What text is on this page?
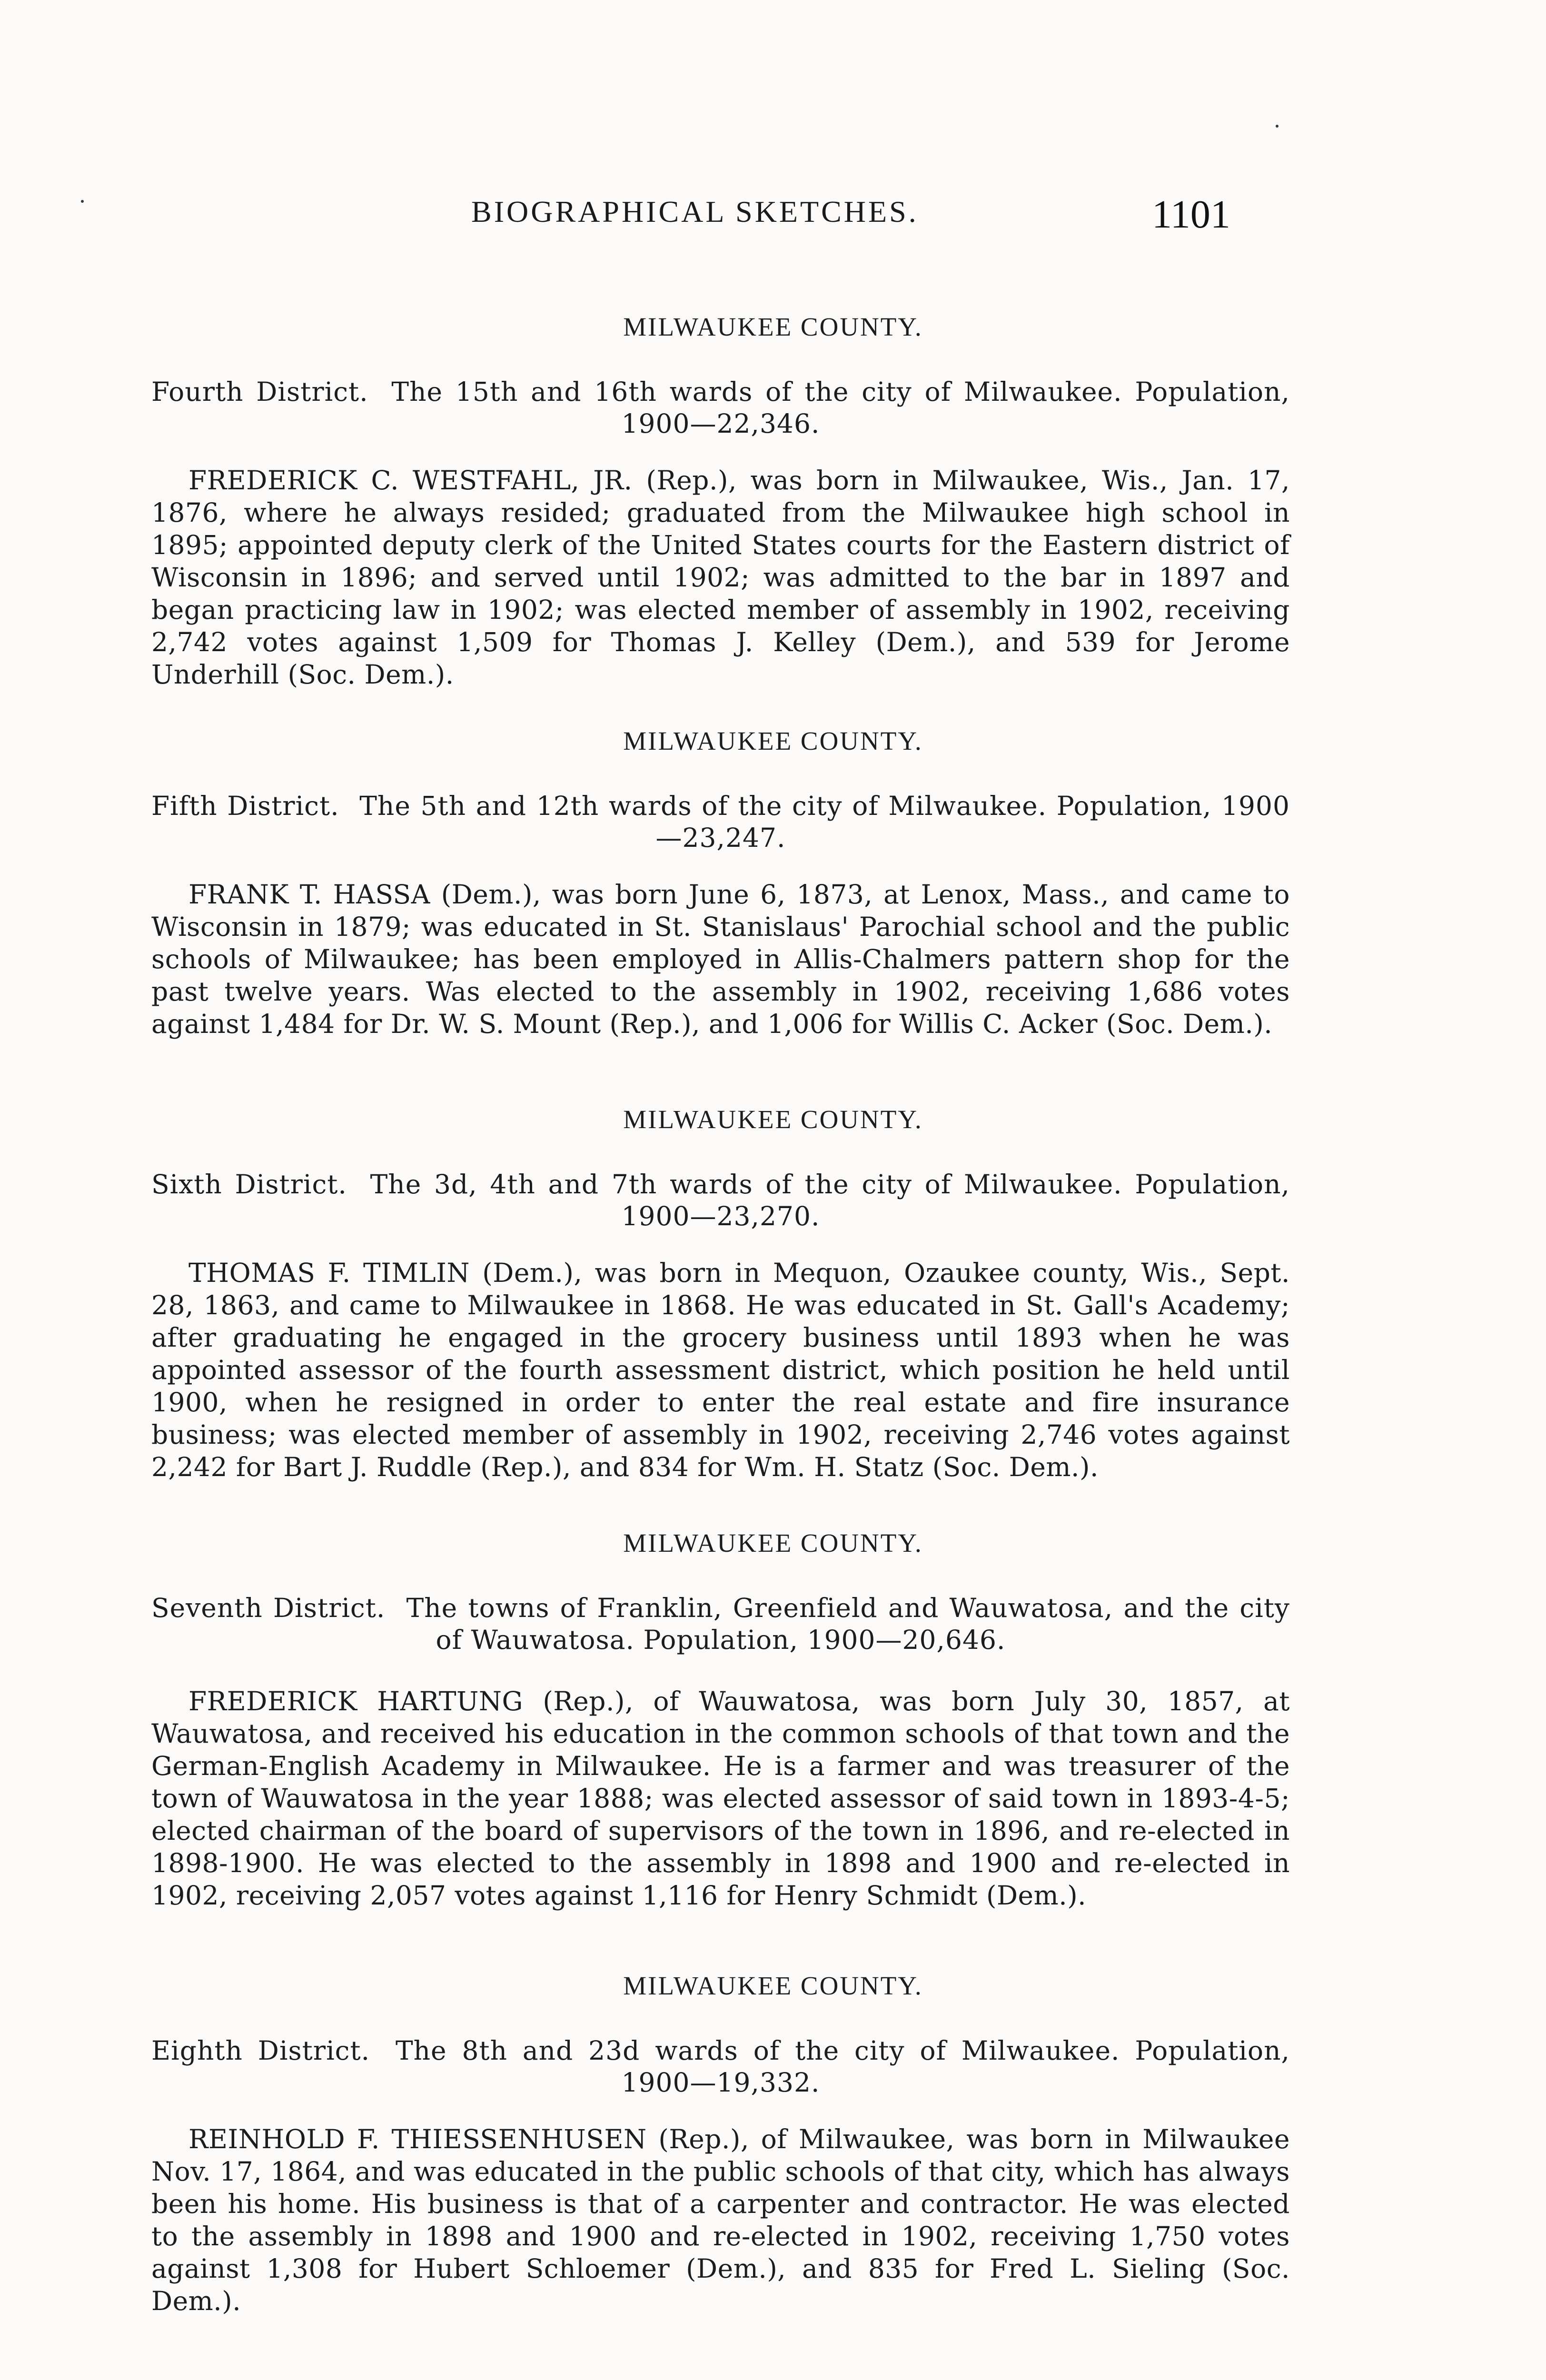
BIOGRAPHICAL SKETCHES.	1101
MILWAUKEE COUNTY.
Fourth District. The 15th and 16th wards of the city of Milwaukee. Population, 1900—22,346.
FREDERICK C. WESTFAHL, JR. (Rep.), was born in Milwaukee, Wis., Jan. 17, 1876, where he always resided; graduated from the Milwaukee high school in 1895; appointed deputy clerk of the United States courts for the Eastern district of Wisconsin in 1896; and served until 1902; was admitted to the bar in 1897 and began practicing law in 1902; was elected member of assembly in 1902, receiving 2,742 votes against 1,509 for Thomas J. Kelley (Dem.), and 539 for Jerome Underhill (Soc. Dem.).
MILWAUKEE COUNTY.
Fifth District. The 5th and 12th wards of the city of Milwaukee. Population, 1900—23,247.
FRANK T. HASSA (Dem.), was born June 6, 1873, at Lenox, Mass., and came to Wisconsin in 1879; was educated in St. Stanislaus' Parochial school and the public schools of Milwaukee; has been employed in Allis-Chalmers pattern shop for the past twelve years. Was elected to the assembly in 1902, receiving 1,686 votes against 1,484 for Dr. W. S. Mount (Rep.), and 1,006 for Willis C. Acker (Soc. Dem.).
MILWAUKEE COUNTY.
Sixth District. The 3d, 4th and 7th wards of the city of Milwaukee. Population, 1900—23,270.
THOMAS F. TIMLIN (Dem.), was born in Mequon, Ozaukee county, Wis., Sept. 28, 1863, and came to Milwaukee in 1868. He was educated in St. Gall's Academy; after graduating he engaged in the grocery business until 1893 when he was appointed assessor of the fourth assessment district, which position he held until 1900, when he resigned in order to enter the real estate and fire insurance business; was elected member of assembly in 1902, receiving 2,746 votes against 2,242 for Bart J. Ruddle (Rep.), and 834 for Wm. H. Statz (Soc. Dem.).
MILWAUKEE COUNTY.
Seventh District. The towns of Franklin, Greenfield and Wauwatosa, and the city of Wauwatosa. Population, 1900—20,646.
FREDERICK HARTUNG (Rep.), of Wauwatosa, was born July 30, 1857, at Wauwatosa, and received his education in the common schools of that town and the German-English Academy in Milwaukee. He is a farmer and was treasurer of the town of Wauwatosa in the year 1888; was elected assessor of said town in 1893-4-5; elected chairman of the board of supervisors of the town in 1896, and re-elected in 1898-1900. He was elected to the assembly in 1898 and 1900 and re-elected in 1902, receiving 2,057 votes against 1,116 for Henry Schmidt (Dem.).
MILWAUKEE COUNTY.
Eighth District. The 8th and 23d wards of the city of Milwaukee. Population, 1900—19,332.
REINHOLD F. THIESSENHUSEN (Rep.), of Milwaukee, was born in Milwaukee Nov. 17, 1864, and was educated in the public schools of that city, which has always been his home. His business is that of a carpenter and contractor. He was elected to the assembly in 1898 and 1900 and re-elected in 1902, receiving 1,750 votes against 1,308 for Hubert Schloemer (Dem.), and 835 for Fred L. Sieling (Soc. Dem.).
